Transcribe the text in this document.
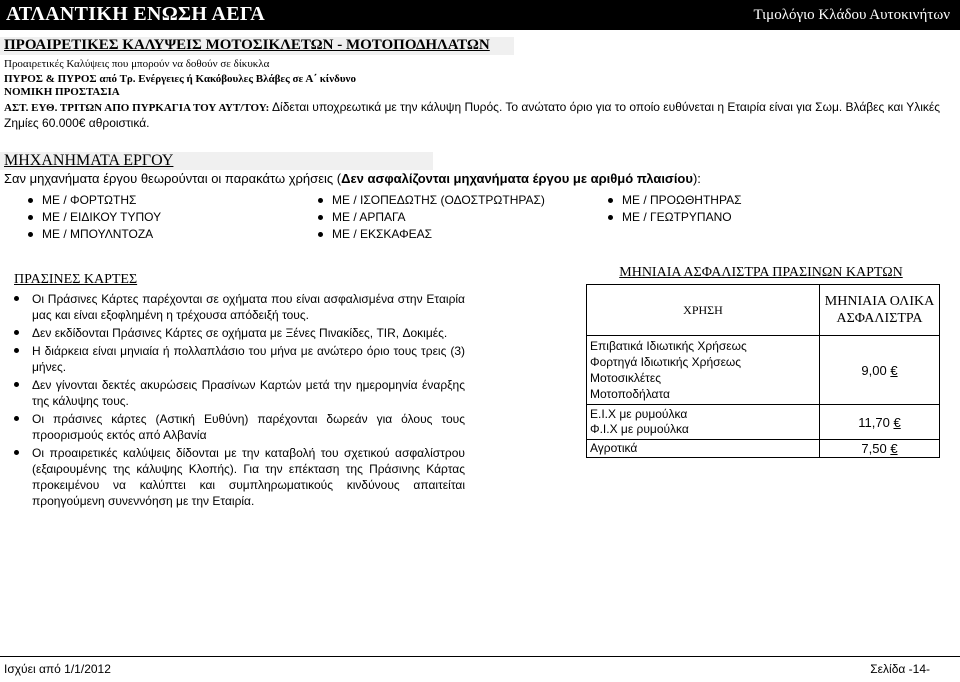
ΑΤΛΑΝΤΙΚΗ ΕΝΩΣΗ ΑΕΓΑ	Τιμολόγιο Κλάδου Αυτοκινήτων
ΠΡΟΑΙΡΕΤΙΚΕΣ ΚΑΛΥΨΕΙΣ ΜΟΤΟΣΙΚΛΕΤΩΝ - ΜΟΤΟΠΟΔΗΛΑΤΩΝ
Προαιρετικές Καλύψεις που μπορούν να δοθούν σε δίκυκλα
ΠΥΡΟΣ & ΠΥΡΟΣ από Τρ. Ενέργειες ή Κακόβουλες Βλάβες σε Α΄ κίνδυνο
ΝΟΜΙΚΗ ΠΡΟΣΤΑΣΙΑ
ΑΣΤ. ΕΥΘ. ΤΡΙΤΩΝ ΑΠΟ ΠΥΡΚΑΓΙΑ ΤΟΥ ΑΥΤ/ΤΟΥ: Δίδεται υποχρεωτικά με την κάλυψη Πυρός. Το ανώτατο όριο για το οποίο ευθύνεται η Εταιρία είναι για Σωμ. Βλάβες και Υλικές Ζημίες 60.000€ αθροιστικά.
ΜΗΧΑΝΗΜΑΤΑ ΕΡΓΟΥ
Σαν μηχανήματα έργου θεωρούνται οι παρακάτω χρήσεις (Δεν ασφαλίζονται μηχανήματα έργου με αριθμό πλαισίου):
ΜΕ / ΦΟΡΤΩΤΗΣ
ΜΕ / ΕΙΔΙΚΟΥ ΤΥΠΟΥ
ΜΕ / ΜΠΟΥΛΝΤΟΖΑ
ΜΕ / ΙΣΟΠΕΔΩΤΗΣ (ΟΔΟΣΤΡΩΤΗΡΑΣ)
ΜΕ / ΑΡΠΑΓΑ
ΜΕ / ΕΚΣΚΑΦΕΑΣ
ΜΕ / ΠΡΟΩΘΗΤΗΡΑΣ
ΜΕ / ΓΕΩΤΡΥΠΑΝΟ
ΠΡΑΣΙΝΕΣ ΚΑΡΤΕΣ
Οι Πράσινες Κάρτες παρέχονται σε οχήματα που είναι ασφαλισμένα στην Εταιρία μας και είναι εξοφλημένη η τρέχουσα απόδειξή τους.
Δεν εκδίδονται Πράσινες Κάρτες σε οχήματα με Ξένες Πινακίδες, TIR, Δοκιμές.
Η διάρκεια είναι μηνιαία ή πολλαπλάσιο του μήνα με ανώτερο όριο τους τρεις (3) μήνες.
Δεν γίνονται δεκτές ακυρώσεις Πρασίνων Καρτών μετά την ημερομηνία έναρξης της κάλυψης τους.
Οι πράσινες κάρτες (Αστική Ευθύνη) παρέχονται δωρεάν για όλους τους προορισμούς εκτός από Αλβανία
Οι προαιρετικές καλύψεις δίδονται με την καταβολή του σχετικού ασφαλίστρου (εξαιρουμένης της κάλυψης Κλοπής). Για την επέκταση της Πράσινης Κάρτας προκειμένου να καλύπτει και συμπληρωματικούς κινδύνους απαιτείται προηγούμενη συνεννόηση με την Εταιρία.
ΜΗΝΙΑΙΑ ΑΣΦΑΛΙΣΤΡΑ ΠΡΑΣΙΝΩΝ ΚΑΡΤΩΝ
ΧΡΗΣΗ	ΜΗΝΙΑΙΑ ΟΛΙΚΑ ΑΣΦΑΛΙΣΤΡΑ

Επιβατικά Ιδιωτικής Χρήσεως
Φορτηγά Ιδιωτικής Χρήσεως
Μοτοσικλέτες
Μοτοποδήλατα	9,00 €

Ε.Ι.Χ με ρυμούλκα
Φ.Ι.Χ με ρυμούλκα	11,70 €

Αγροτικά	7,50 €
Ισχύει από 1/1/2012	Σελίδα -14-
